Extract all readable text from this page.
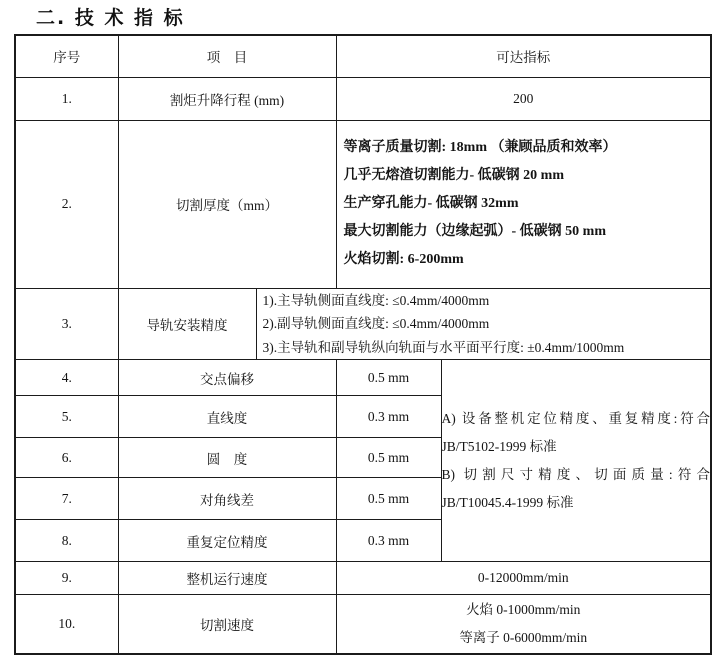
二. 技 术 指 标
序号	项　目		可达指标	
1.	割炬升降行程 (mm)		200	
2.	切割厚度（mm）		等离子质量切割: 18mm （兼顾品质和效率）
几乎无熔渣切割能力- 低碳钢 20 mm
生产穿孔能力- 低碳钢 32mm
最大切割能力（边缘起弧）- 低碳钢 50 mm
火焰切割: 6-200mm	

3.	导轨安装精度	1).主导轨侧面直线度: ≤0.4mm/4000mm
2).副导轨侧面直线度: ≤0.4mm/4000mm
3).主导轨和副导轨纵向轨面与水平面平行度: ±0.4mm/1000mm		

4.	交点偏移		0.5 mm	A) 设备整机定位精度、重复精度:符合
JB/T5102-1999 标准
B) 切割尺寸精度、切面质量:符合
JB/T10045.4-1999 标准

5.	直线度		0.3 mm	
6.	圆　度		0.5 mm	
7.	对角线差		0.5 mm	
8.	重复定位精度		0.3 mm	
9.	整机运行速度		0-12000mm/min	
10.	切割速度		火焰 0-1000mm/min
等离子 0-6000mm/min	
